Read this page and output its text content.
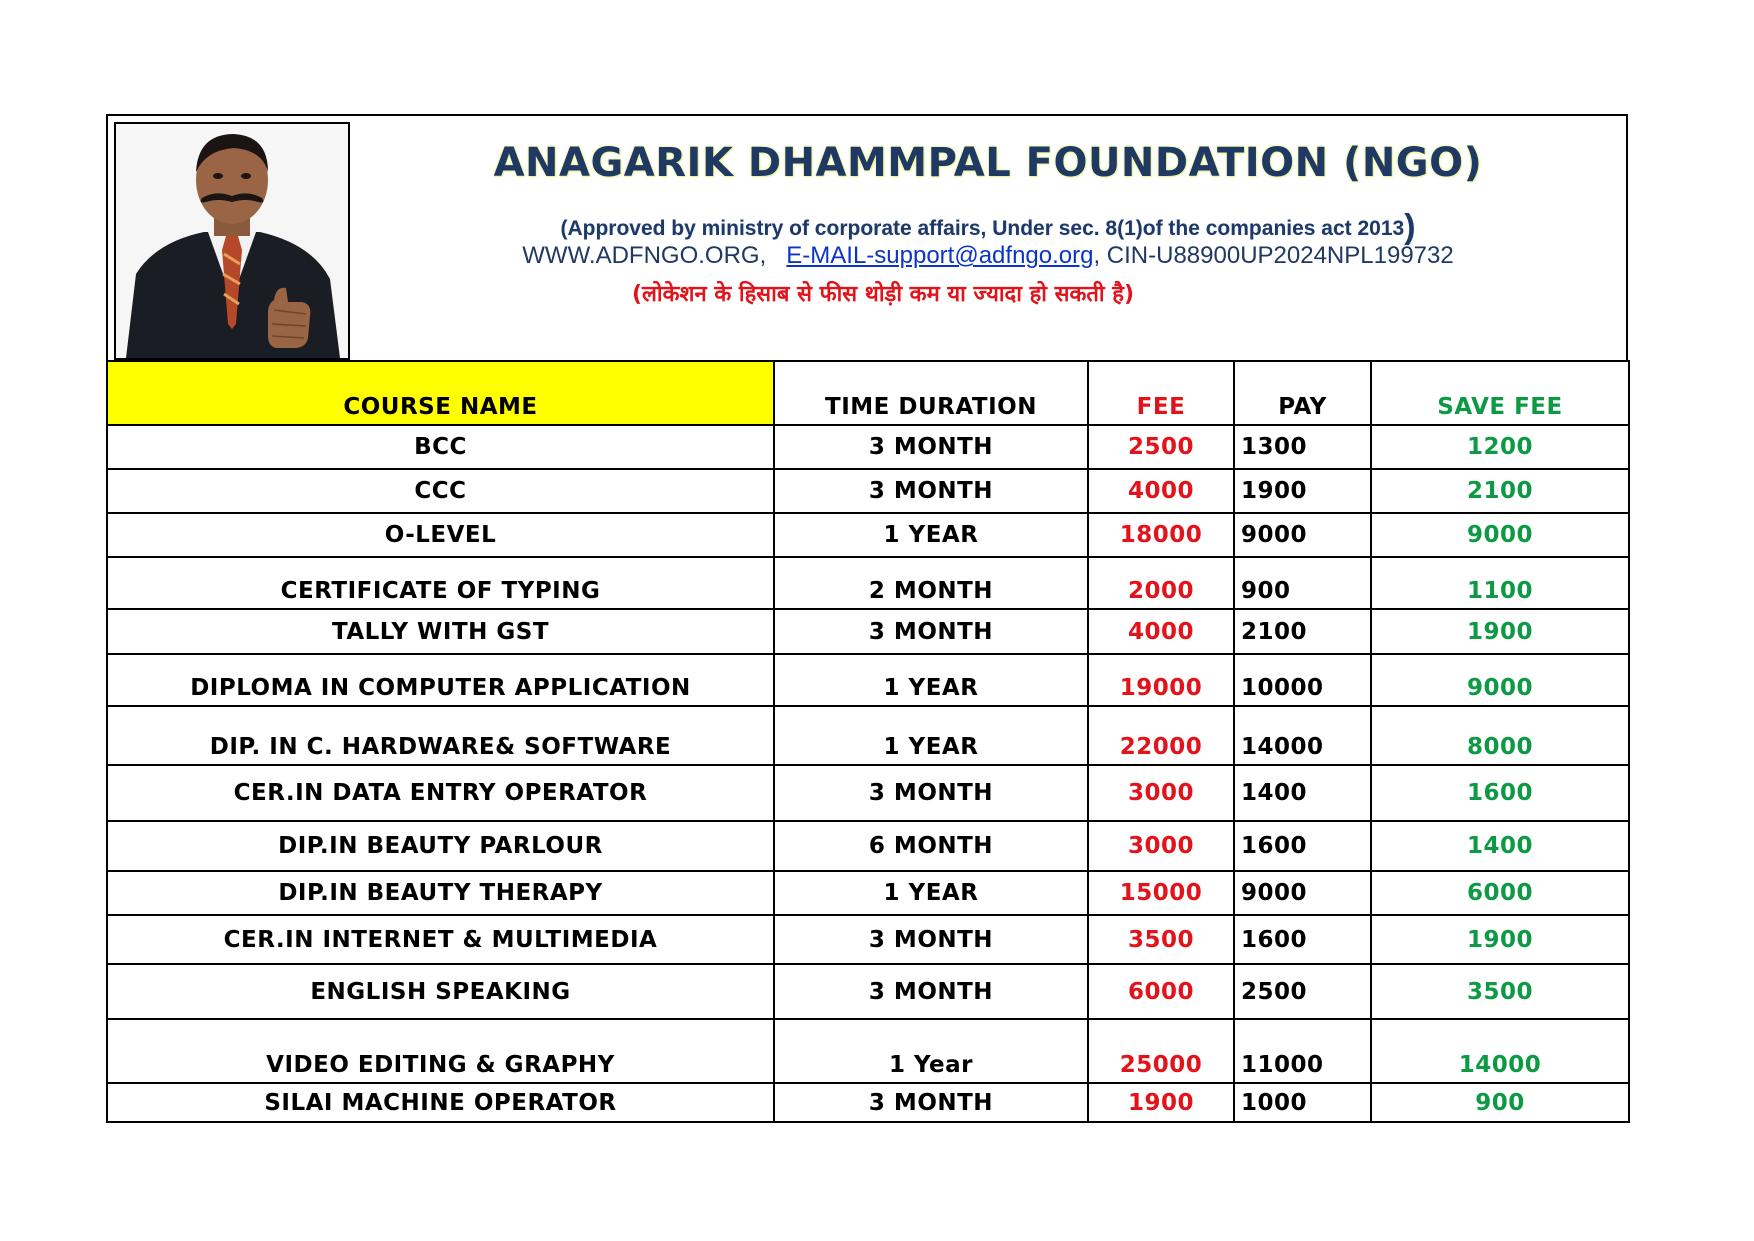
ANAGARIK DHAMMPAL FOUNDATION (NGO)
(Approved by ministry of corporate affairs, Under sec. 8(1)of the companies act 2013)
WWW.ADFNGO.ORG, E-MAIL-support@adfngo.org, CIN-U88900UP2024NPL199732
(लोकेशन के हिसाब से फीस थोड़ी कम या ज्यादा हो सकती है)
COURSE NAME	TIME DURATION	FEE	PAY	SAVE FEE
BCC	3 MONTH	2500	1300	1200
CCC	3 MONTH	4000	1900	2100
O-LEVEL	1 YEAR	18000	9000	9000
CERTIFICATE OF TYPING	2 MONTH	2000	900	1100
TALLY WITH GST	3 MONTH	4000	2100	1900
DIPLOMA IN COMPUTER APPLICATION	1 YEAR	19000	10000	9000
DIP. IN C. HARDWARE& SOFTWARE	1 YEAR	22000	14000	8000
CER.IN DATA ENTRY OPERATOR	3 MONTH	3000	1400	1600
DIP.IN BEAUTY PARLOUR	6 MONTH	3000	1600	1400
DIP.IN BEAUTY THERAPY	1 YEAR	15000	9000	6000
CER.IN INTERNET & MULTIMEDIA	3 MONTH	3500	1600	1900
ENGLISH SPEAKING	3 MONTH	6000	2500	3500
VIDEO EDITING & GRAPHY	1 Year	25000	11000	14000
SILAI MACHINE OPERATOR	3 MONTH	1900	1000	900
